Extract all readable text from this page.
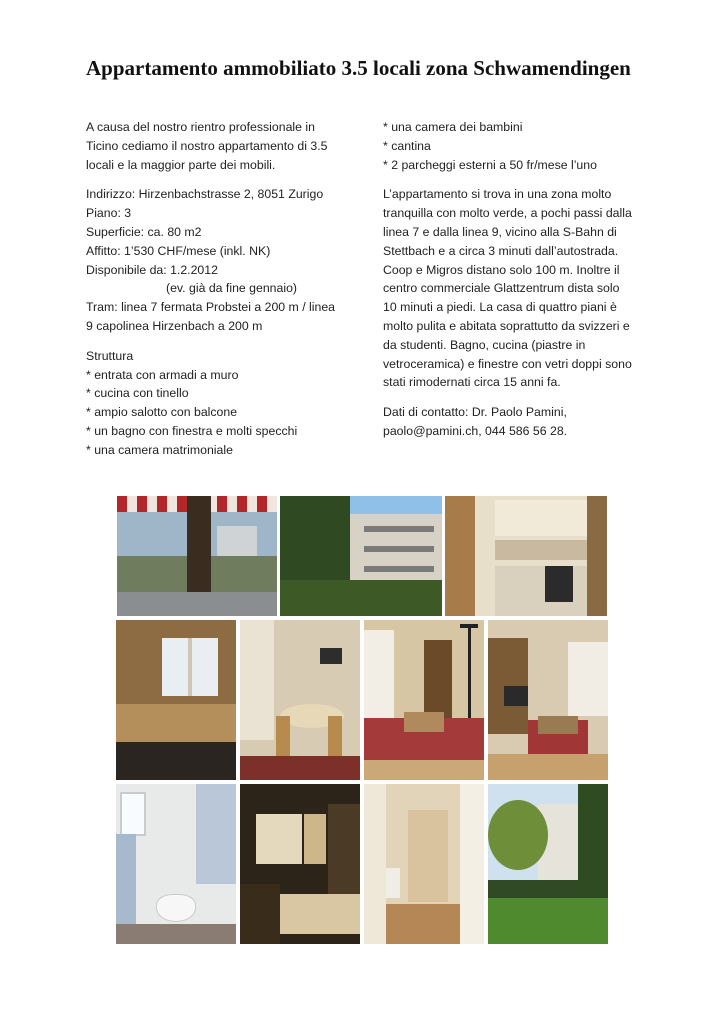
Appartamento ammobiliato 3.5 locali zona Schwamendingen
A causa del nostro rientro professionale in
Ticino cediamo il nostro appartamento di 3.5
locali e la maggior parte dei mobili.
Indirizzo: Hirzenbachstrasse 2, 8051 Zurigo
Piano: 3
Superficie: ca. 80 m2
Affitto: 1’530 CHF/mese (inkl. NK)
Disponibile da: 1.2.2012
(ev. già da fine gennaio)
Tram: linea 7 fermata Probstei a 200 m / linea
9 capolinea Hirzenbach a 200 m
Struttura
* entrata con armadi a muro
* cucina con tinello
* ampio salotto con balcone
* un bagno con finestra e molti specchi
* una camera matrimoniale
* una camera dei bambini
* cantina
* 2 parcheggi esterni a 50 fr/mese l’uno
L’appartamento si trova in una zona molto
tranquilla con molto verde, a pochi passi dalla
linea 7 e dalla linea 9, vicino alla S-Bahn di
Stettbach e a circa 3 minuti dall’autostrada.
Coop e Migros distano solo 100 m. Inoltre il
centro commerciale Glattzentrum dista solo
10 minuti a piedi. La casa di quattro piani è
molto pulita e abitata soprattutto da svizzeri e
da studenti. Bagno, cucina (piastre in
vetroceramica) e finestre con vetri doppi sono
stati rimodernati circa 15 anni fa.
Dati di contatto: Dr. Paolo Pamini,
paolo@pamini.ch, 044 586 56 28.
